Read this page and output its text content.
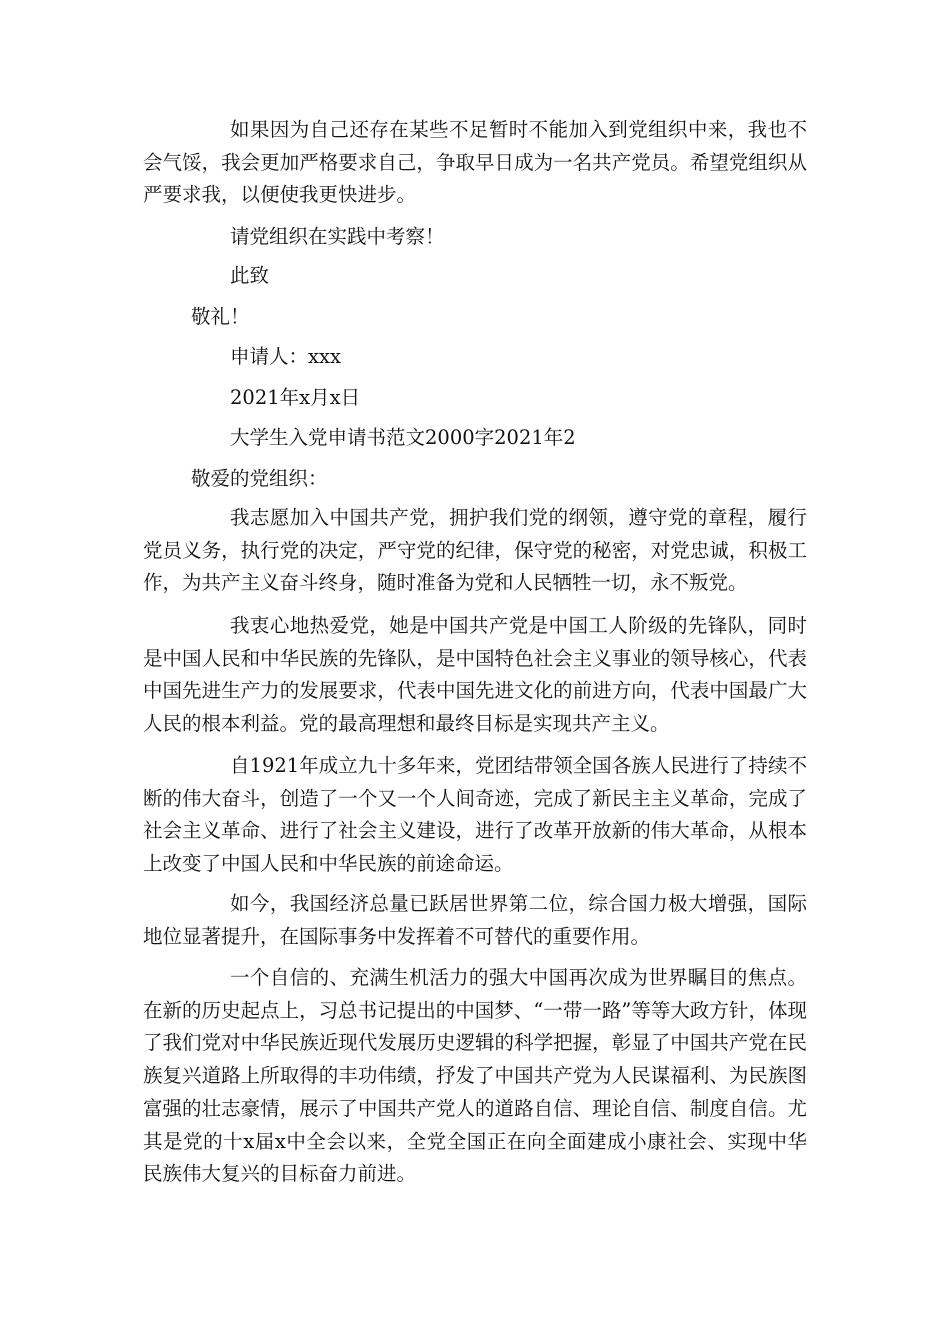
如果因为自己还存在某些不足暂时不能加入到党组织中来，我也不会气馁，我会更加严格要求自己，争取早日成为一名共产党员。希望党组织从严要求我，以便使我更快进步。

请党组织在实践中考察！
此致
敬礼！
申请人：xxx
2021年x月x日
大学生入党申请书范文2000字2021年2
敬爱的党组织：

我志愿加入中国共产党，拥护我们党的纲领，遵守党的章程，履行党员义务，执行党的决定，严守党的纪律，保守党的秘密，对党忠诚，积极工作，为共产主义奋斗终身，随时准备为党和人民牺牲一切，永不叛党。

我衷心地热爱党，她是中国共产党是中国工人阶级的先锋队，同时是中国人民和中华民族的先锋队，是中国特色社会主义事业的领导核心，代表中国先进生产力的发展要求，代表中国先进文化的前进方向，代表中国最广大人民的根本利益。党的最高理想和最终目标是实现共产主义。

自1921年成立九十多年来，党团结带领全国各族人民进行了持续不断的伟大奋斗，创造了一个又一个人间奇迹，完成了新民主主义革命，完成了社会主义革命、进行了社会主义建设，进行了改革开放新的伟大革命，从根本上改变了中国人民和中华民族的前途命运。

如今，我国经济总量已跃居世界第二位，综合国力极大增强，国际地位显著提升，在国际事务中发挥着不可替代的重要作用。

一个自信的、充满生机活力的强大中国再次成为世界瞩目的焦点。在新的历史起点上，习总书记提出的中国梦、“一带一路”等等大政方针，体现了我们党对中华民族近现代发展历史逻辑的科学把握，彰显了中国共产党在民族复兴道路上所取得的丰功伟绩，抒发了中国共产党为人民谋福利、为民族图富强的壮志豪情，展示了中国共产党人的道路自信、理论自信、制度自信。尤其是党的十x届x中全会以来，全党全国正在向全面建成小康社会、实现中华民族伟大复兴的目标奋力前进。
